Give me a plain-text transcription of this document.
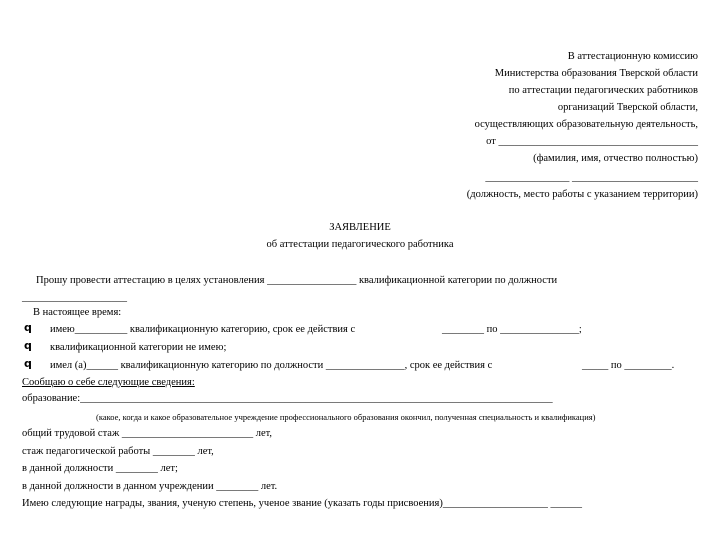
В аттестационную комиссию
Министерства образования Тверской области
по аттестации педагогических работников
организаций Тверской области,
осуществляющих образовательную деятельность,
от ______________________________________
(фамилия, имя, отчество полностью)
________________ ________________________
(должность, место работы с указанием территории)
ЗАЯВЛЕНИЕ
об аттестации педагогического работника
Прошу провести аттестацию в целях установления _________________ квалификационной категории по должности
____________________
В настоящее время:
q имею__________ квалификационную категорию, срок ее действия с	________ по _______________;
q квалификационной категории не имею;
q имел (а)______ квалификационную категорию по должности _______________, срок ее действия с	_____ по _________.
Сообщаю о себе следующие сведения:
образование:__________________________________________________________________________________________
(какое, когда и какое образовательное учреждение профессионального образования окончил, полученная специальность и квалификация)
общий трудовой стаж _________________________ лет,
стаж педагогической работы ________ лет,
в данной должности ________ лет;
в данной должности в данном учреждении ________ лет.
Имею следующие награды, звания, ученую степень, ученое звание (указать годы присвоения)____________________ ______
